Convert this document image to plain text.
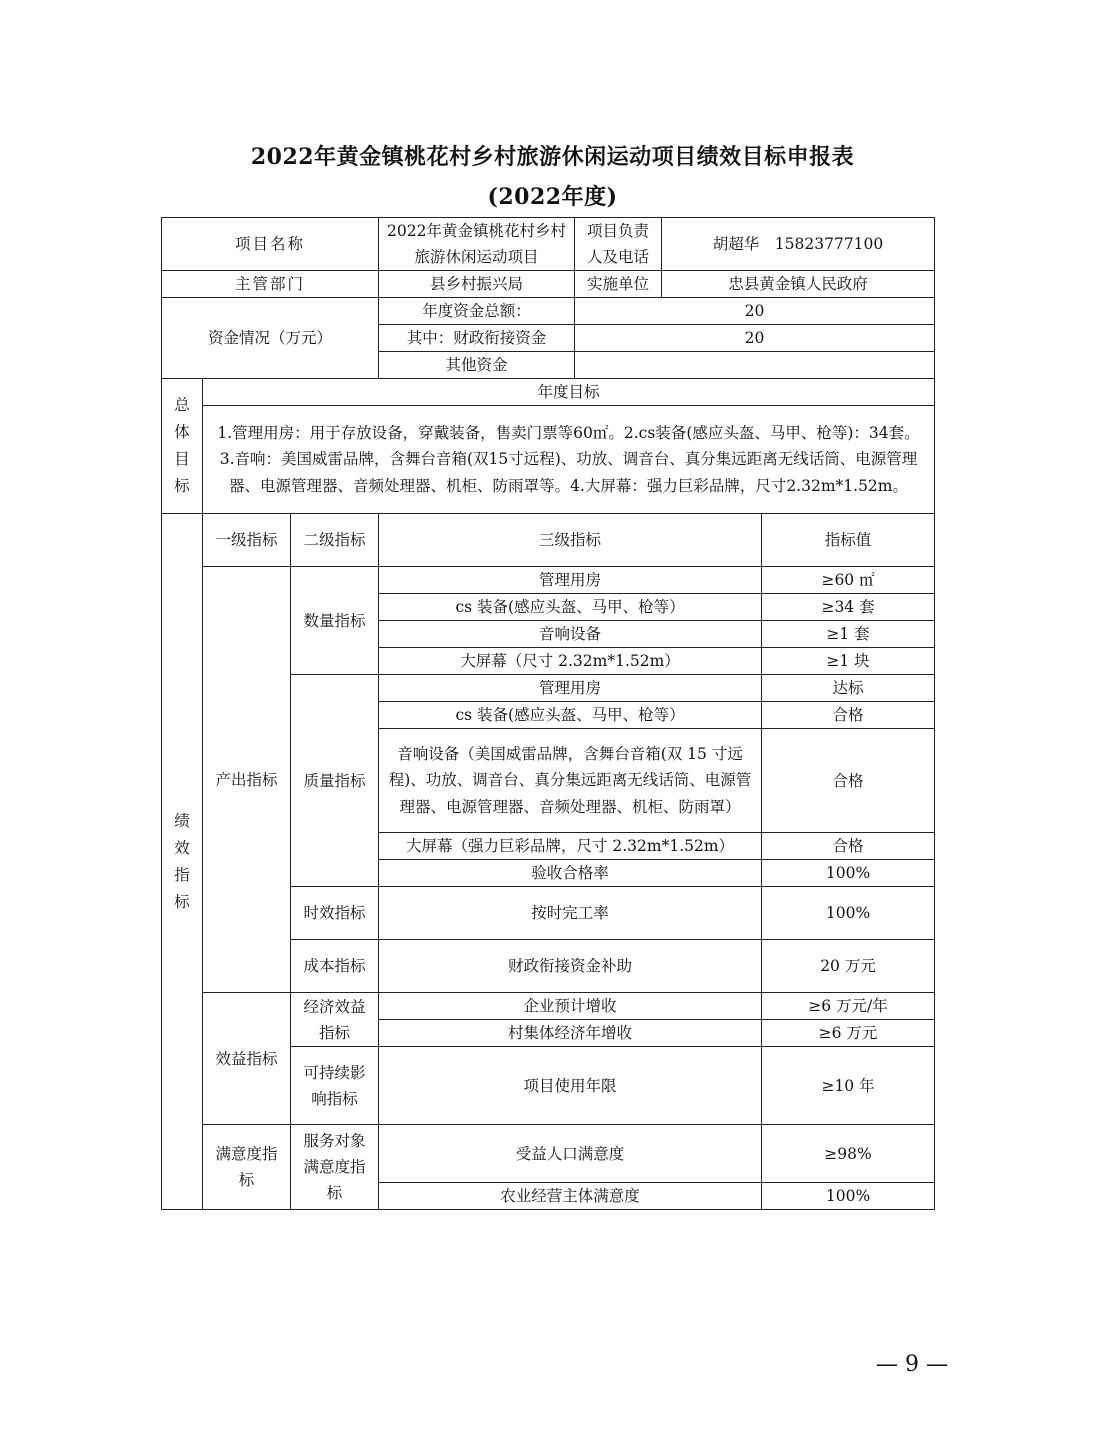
2022年黄金镇桃花村乡村旅游休闲运动项目绩效目标申报表
(2022年度)
项目名称			2022年黄金镇桃花村乡村旅游休闲运动项目	项目负责人及电话	胡超华　15823777100	
主管部门			县乡村振兴局	实施单位	忠县黄金镇人民政府	
资金情况（万元）			年度资金总额：	20		
			其中：财政衔接资金	20		
			其他资金			

总体目标	年度目标					
	1.管理用房：用于存放设备，穿戴装备，售卖门票等60㎡。2.cs装备(感应头盔、马甲、枪等)：34套。3.音响：美国威雷品牌，含舞台音箱(双15寸远程)、功放、调音台、真分集远距离无线话筒、电源管理器、电源管理器、音频处理器、机柜、防雨罩等。4.大屏幕：强力巨彩品牌，尺寸2.32m*1.52m。					

绩效指标	一级指标	二级指标	三级指标			指标值
	产出指标	数量指标	管理用房			≥60 ㎡
			cs 装备(感应头盔、马甲、枪等）			≥34 套
			音响设备			≥1 套
			大屏幕（尺寸 2.32m*1.52m）			≥1 块
		质量指标	管理用房			达标
			cs 装备(感应头盔、马甲、枪等）			合格
			音响设备（美国威雷品牌，含舞台音箱(双 15 寸远程)、功放、调音台、真分集远距离无线话筒、电源管理器、电源管理器、音频处理器、机柜、防雨罩）			合格
			大屏幕（强力巨彩品牌，尺寸 2.32m*1.52m）			合格
			验收合格率			100%
		时效指标	按时完工率			100%
		成本指标	财政衔接资金补助			20 万元
	效益指标	经济效益指标	企业预计增收			≥6 万元/年
			村集体经济年增收			≥6 万元
		可持续影响指标	项目使用年限			≥10 年
	满意度指标	服务对象满意度指标	受益人口满意度			≥98%
			农业经营主体满意度			100%
— 9 —
